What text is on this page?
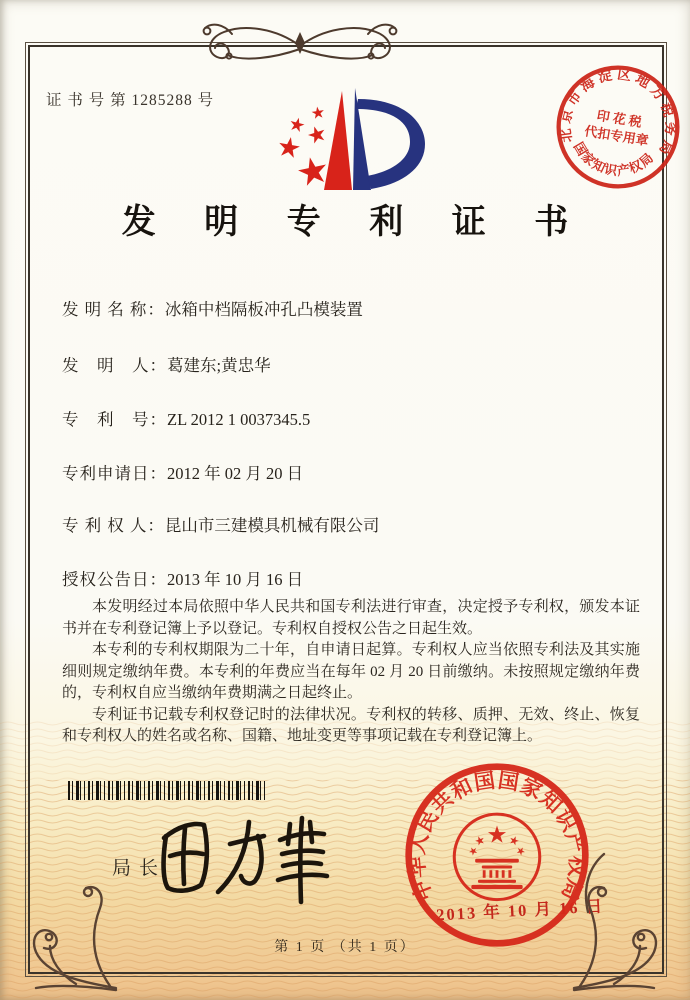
证 书 号 第 1285288 号
北京市海淀区地方税务局
国家知识产权局
印 花 税
代扣专用章
发 明 专 利 证 书
发 明 名 称：冰箱中档隔板冲孔凸模装置
发　明　人：葛建东;黄忠华
专　利　号：ZL 2012 1 0037345.5
专利申请日：2012 年 02 月 20 日
专 利 权 人：昆山市三建模具机械有限公司
授权公告日：2013 年 10 月 16 日

本发明经过本局依照中华人民共和国专利法进行审查，决定授予专利权，颁发本证书并在专利登记簿上予以登记。专利权自授权公告之日起生效。

本专利的专利权期限为二十年，自申请日起算。专利权人应当依照专利法及其实施细则规定缴纳年费。本专利的年费应当在每年 02 月 20 日前缴纳。未按照规定缴纳年费的，专利权自应当缴纳年费期满之日起终止。

专利证书记载专利权登记时的法律状况。专利权的转移、质押、无效、终止、恢复和专利权人的姓名或名称、国籍、地址变更等事项记载在专利登记簿上。

局长
中华人民共和国国家知识产权局
2013 年 10 月 16 日
第 1 页 （共 1 页）
